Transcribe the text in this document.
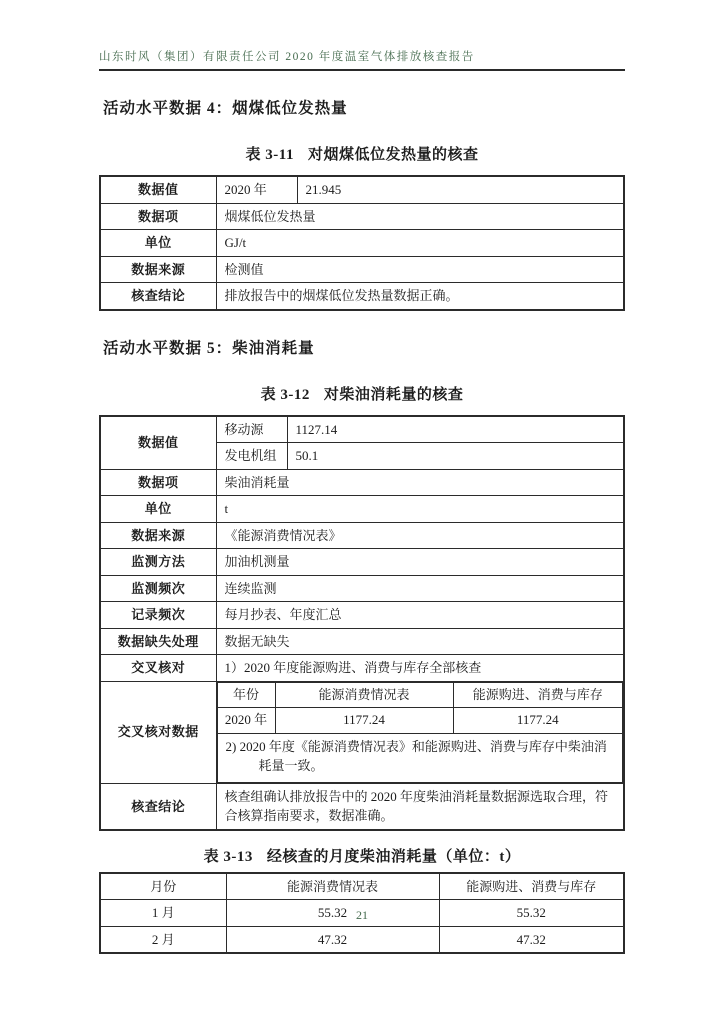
山东时风（集团）有限责任公司 2020 年度温室气体排放核查报告
活动水平数据 4：烟煤低位发热量
表 3-11 对烟煤低位发热量的核查
数据值	2020 年	21.945
数据项	烟煤低位发热量	
单位	GJ/t	
数据来源	检测值	
核查结论	排放报告中的烟煤低位发热量数据正确。	
活动水平数据 5：柴油消耗量
表 3-12 对柴油消耗量的核查
数据值	移动源	1127.14
发电机组	50.1
数据项	柴油消耗量
单位	t
数据来源	《能源消费情况表》
监测方法	加油机测量
监测频次	连续监测
记录频次	每月抄表、年度汇总
数据缺失处理	数据无缺失
交叉核对	1）2020 年度能源购进、消费与库存全部核查
交叉核对数据	
年份	能源消费情况表	能源购进、消费与库存
2020 年	1177.24	1177.24
2) 2020 年度《能源消费情况表》和能源购进、消费与库存中柴油消耗量一致。

核查结论	核查组确认排放报告中的 2020 年度柴油消耗量数据源选取合理，符合核算指南要求，数据准确。
表 3-13 经核查的月度柴油消耗量（单位：t）
月份	能源消费情况表	能源购进、消费与库存
1 月	55.32	55.32
2 月	47.32	47.32
21
